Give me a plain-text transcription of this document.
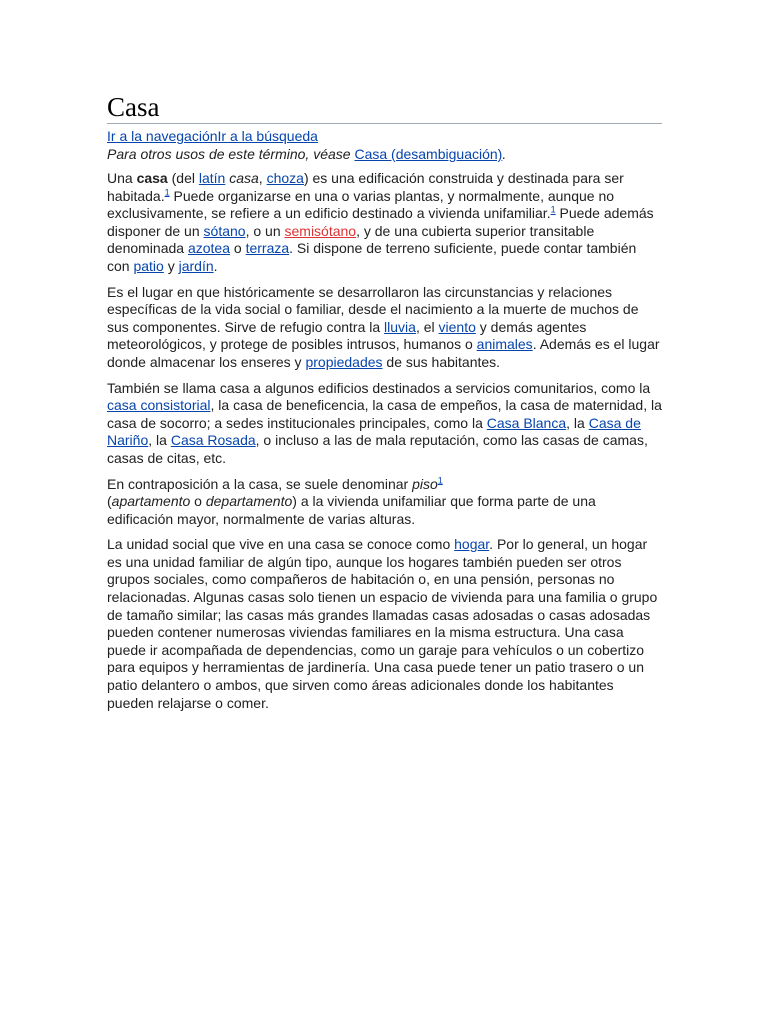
Casa
Ir a la navegaciónIr a la búsqueda
Para otros usos de este término, véase Casa (desambiguación).

Una casa (del latín casa, choza) es una edificación construida y destinada para ser habitada.$^1$ Puede organizarse en una o varias plantas, y normalmente, aunque no exclusivamente, se refiere a un edificio destinado a vivienda unifamiliar.$^1$ Puede además disponer de un sótano, o un semisótano, y de una cubierta superior transitable denominada azotea o terraza. Si dispone de terreno suficiente, puede contar también con patio y jardín.

Es el lugar en que históricamente se desarrollaron las circunstancias y relaciones específicas de la vida social o familiar, desde el nacimiento a la muerte de muchos de sus componentes. Sirve de refugio contra la lluvia, el viento y demás agentes meteorológicos, y protege de posibles intrusos, humanos o animales. Además es el lugar donde almacenar los enseres y propiedades de sus habitantes.

También se llama casa a algunos edificios destinados a servicios comunitarios, como la casa consistorial, la casa de beneficencia, la casa de empeños, la casa de maternidad, la casa de socorro; a sedes institucionales principales, como la Casa Blanca, la Casa de Nariño, la Casa Rosada, o incluso a las de mala reputación, como las casas de camas, casas de citas, etc.

En contraposición a la casa, se suele denominar piso$^1$
(apartamento o departamento) a la vivienda unifamiliar que forma parte de una edificación mayor, normalmente de varias alturas.

La unidad social que vive en una casa se conoce como hogar. Por lo general, un hogar es una unidad familiar de algún tipo, aunque los hogares también pueden ser otros grupos sociales, como compañeros de habitación o, en una pensión, personas no relacionadas. Algunas casas solo tienen un espacio de vivienda para una familia o grupo de tamaño similar; las casas más grandes llamadas casas adosadas o casas adosadas pueden contener numerosas viviendas familiares en la misma estructura. Una casa puede ir acompañada de dependencias, como un garaje para vehículos o un cobertizo para equipos y herramientas de jardinería. Una casa puede tener un patio trasero o un patio delantero o ambos, que sirven como áreas adicionales donde los habitantes pueden relajarse o comer.
